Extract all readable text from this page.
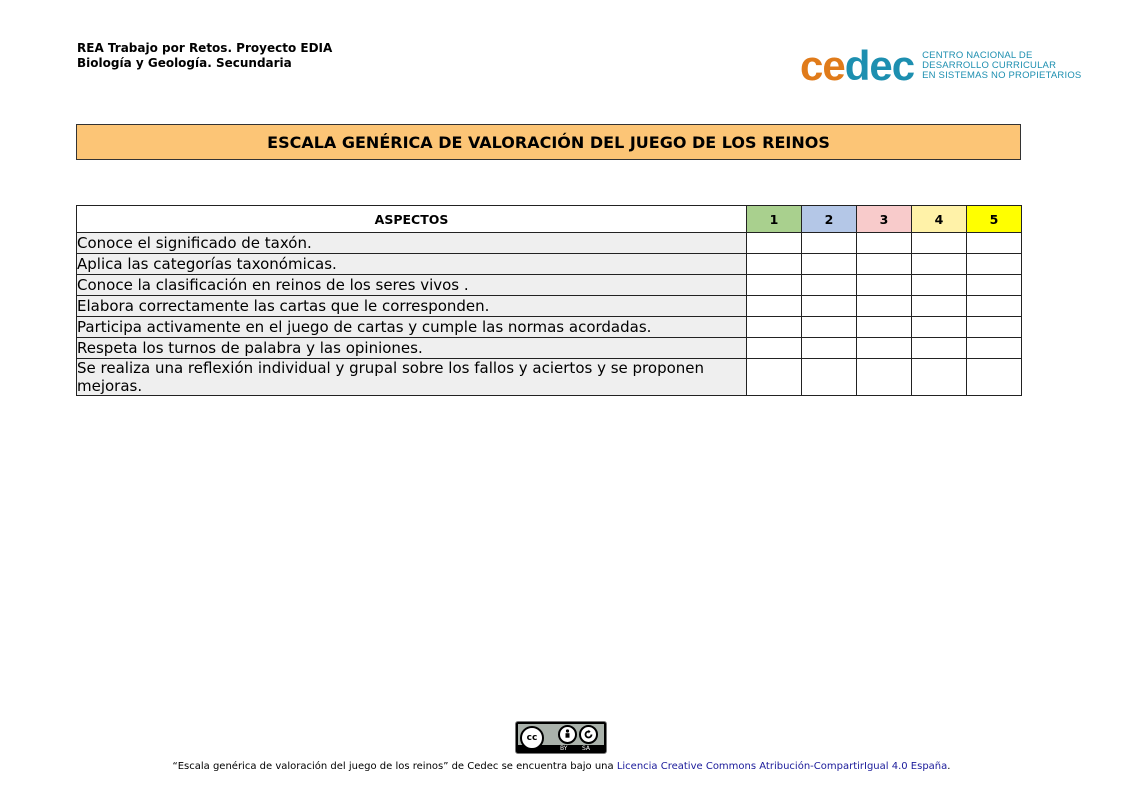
REA Trabajo por Retos. Proyecto EDIA
Biología y Geología. Secundaria	cedec CENTRO NACIONAL DE
DESARROLLO CURRICULAR
EN SISTEMAS NO PROPIETARIOS
ESCALA GENÉRICA DE VALORACIÓN DEL JUEGO DE LOS REINOS
ASPECTOS	1	2	3	4	5
Conoce el significado de taxón.					
Aplica las categorías taxonómicas.					
Conoce la clasificación en reinos de los seres vivos .					
Elabora correctamente las cartas que le corresponden.					
Participa activamente en el juego de cartas y cumple las normas acordadas.					
Respeta los turnos de palabra y las opiniones.					
Se realiza una reflexión individual y grupal sobre los fallos y aciertos y se proponen mejoras.					
cc
BY SA
“Escala genérica de valoración del juego de los reinos” de Cedec se encuentra bajo una Licencia Creative Commons Atribución-CompartirIgual 4.0 España.
